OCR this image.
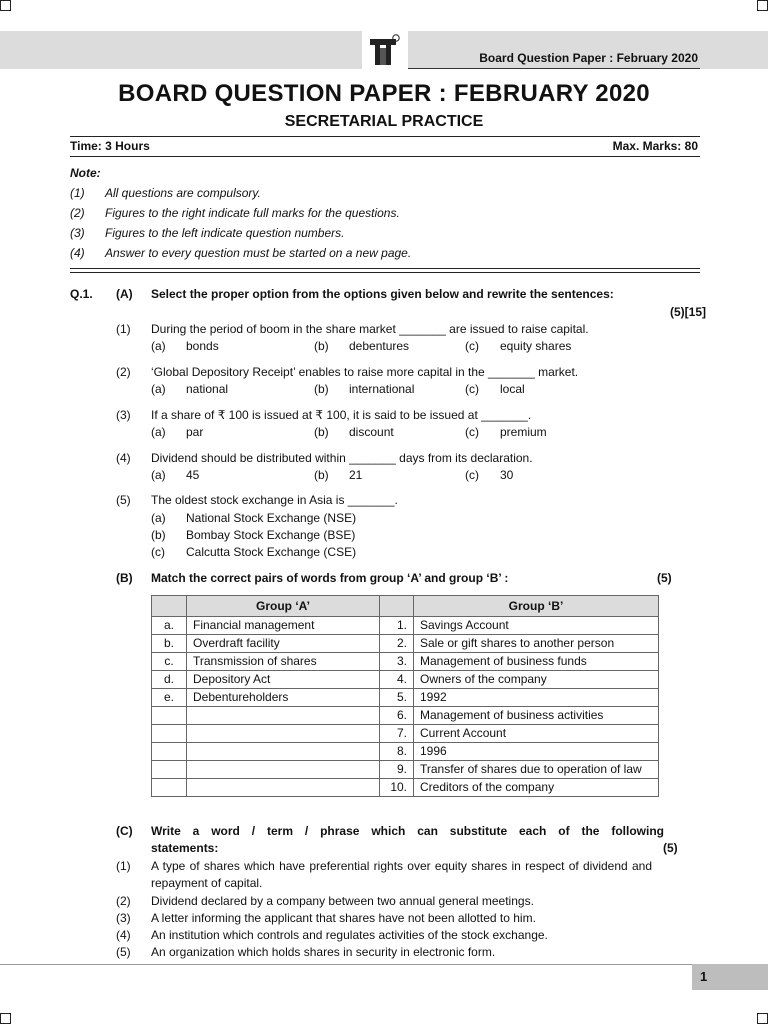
Board Question Paper : February 2020
BOARD QUESTION PAPER : FEBRUARY 2020
SECRETARIAL PRACTICE
Time: 3 Hours	Max. Marks: 80
Note:
(1) All questions are compulsory.
(2) Figures to the right indicate full marks for the questions.
(3) Figures to the left indicate question numbers.
(4) Answer to every question must be started on a new page.
Q.1. (A) Select the proper option from the options given below and rewrite the sentences:
(5)[15]
(1) During the period of boom in the share market _______ are issued to raise capital.
(a) bonds	(b) debentures	(c) equity shares
(2) ‘Global Depository Receipt’ enables to raise more capital in the _______ market.
(a) national	(b) international	(c) local
(3) If a share of ₹ 100 is issued at ₹ 100, it is said to be issued at _______.
(a) par	(b) discount	(c) premium
(4) Dividend should be distributed within _______ days from its declaration.
(a) 45	(b) 21	(c) 30
(5) The oldest stock exchange in Asia is _______.
(a) National Stock Exchange (NSE)
(b) Bombay Stock Exchange (BSE)
(c) Calcutta Stock Exchange (CSE)
(B) Match the correct pairs of words from group ‘A’ and group ‘B’ :	(5)
	Group ‘A’		Group ‘B’
a.	Financial management	1.	Savings Account
b.	Overdraft facility	2.	Sale or gift shares to another person
c.	Transmission of shares	3.	Management of business funds
d.	Depository Act	4.	Owners of the company
e.	Debentureholders	5.	1992
		6.	Management of business activities
		7.	Current Account
		8.	1996
		9.	Transfer of shares due to operation of law
		10.	Creditors of the company
(C) Write a word / term / phrase which can substitute each of the following
statements:	(5)
(1) A type of shares which have preferential rights over equity shares in respect of dividend and repayment of capital.
(2) Dividend declared by a company between two annual general meetings.
(3) A letter informing the applicant that shares have not been allotted to him.
(4) An institution which controls and regulates activities of the stock exchange.
(5) An organization which holds shares in security in electronic form.
1
